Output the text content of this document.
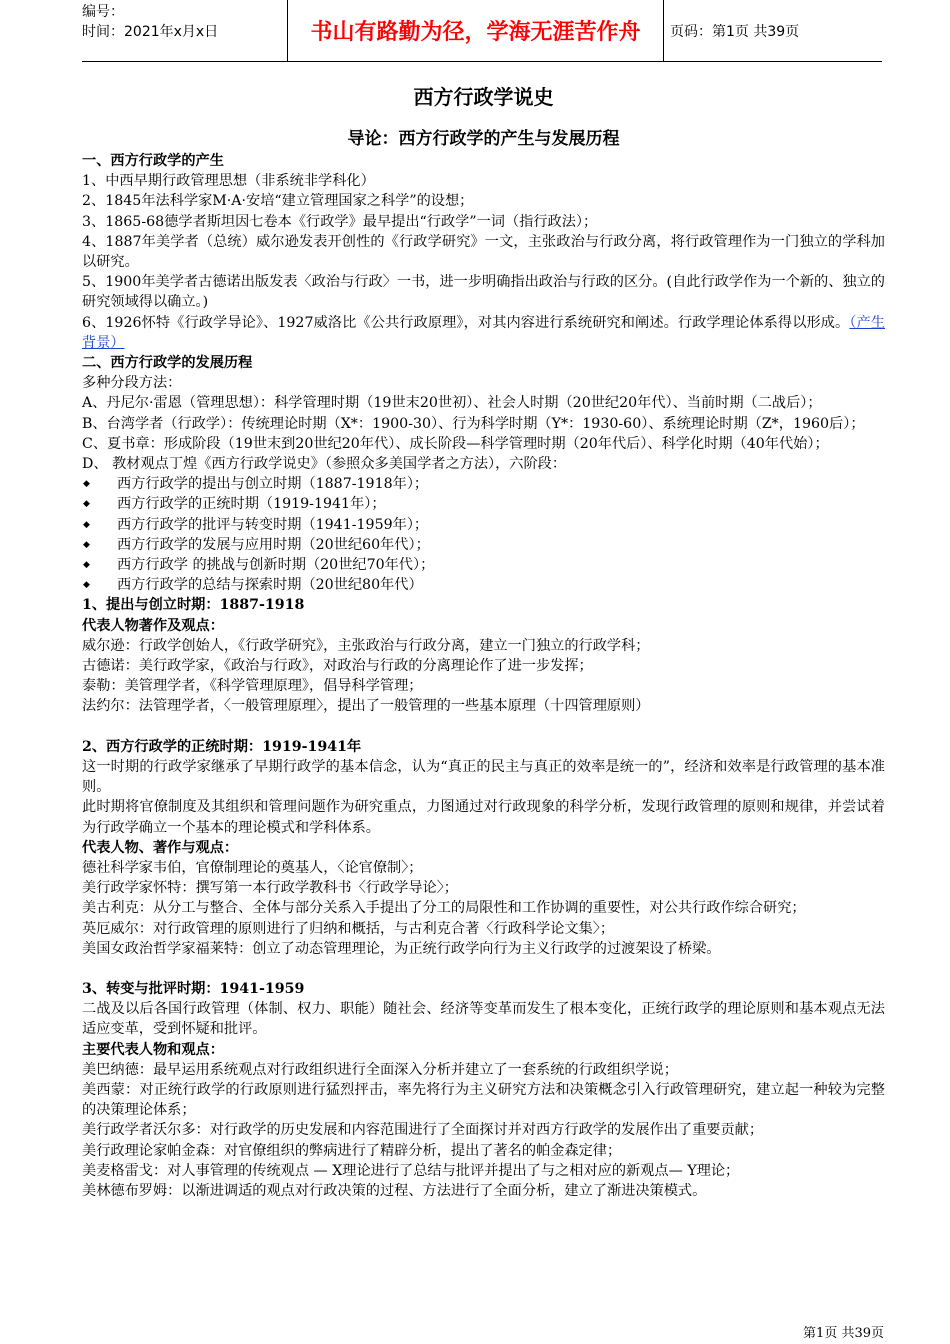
编号：
时间：2021年x月x日	书山有路勤为径，学海无涯苦作舟	页码：第1页 共39页
西方行政学说史
导论：西方行政学的产生与发展历程

一、西方行政学的产生

1、中西早期行政管理思想（非系统非学科化）

2、1845年法科学家M·A·安培“建立管理国家之科学”的设想；

3、1865-68德学者斯坦因七卷本《行政学》最早提出“行政学”一词（指行政法）；

4、1887年美学者（总统）威尔逊发表开创性的《行政学研究》一文，主张政治与行政分离，将行政管理作为一门独立的学科加以研究。

5、1900年美学者古德诺出版发表〈政治与行政〉一书，进一步明确指出政治与行政的区分。(自此行政学作为一个新的、独立的研究领域得以确立。)

6、1926怀特《行政学导论》、1927威洛比《公共行政原理》，对其内容进行系统研究和阐述。行政学理论体系得以形成。（产生背景）

二、西方行政学的发展历程

多种分段方法：

A、丹尼尔·雷恩（管理思想）：科学管理时期（19世末20世初）、社会人时期（20世纪20年代）、当前时期（二战后）；

B、台湾学者（行政学）：传统理论时期（X*：1900-30）、行为科学时期（Y*：1930-60）、系统理论时期（Z*，1960后）；

C、夏书章：形成阶段（19世末到20世纪20年代）、成长阶段—科学管理时期（20年代后）、科学化时期（40年代始）；

D、 教材观点丁煌《西方行政学说史》（参照众多美国学者之方法），六阶段：

◆	西方行政学的提出与创立时期（1887-1918年）；
◆	西方行政学的正统时期（1919-1941年）；
◆	西方行政学的批评与转变时期（1941-1959年）；
◆	西方行政学的发展与应用时期（20世纪60年代）；
◆	西方行政学 的挑战与创新时期（20世纪70年代）；
◆	西方行政学的总结与探索时期（20世纪80年代）

1、提出与创立时期：1887-1918

代表人物著作及观点：

威尔逊：行政学创始人，《行政学研究》，主张政治与行政分离，建立一门独立的行政学科；

古德诺：美行政学家，《政治与行政》，对政治与行政的分离理论作了进一步发挥；

泰勒：美管理学者，《科学管理原理》，倡导科学管理；

法约尔：法管理学者，〈一般管理原理〉，提出了一般管理的一些基本原理（十四管理原则）

2、西方行政学的正统时期：1919-1941年

这一时期的行政学家继承了早期行政学的基本信念，认为“真正的民主与真正的效率是统一的”，经济和效率是行政管理的基本准则。

此时期将官僚制度及其组织和管理问题作为研究重点，力图通过对行政现象的科学分析，发现行政管理的原则和规律，并尝试着为行政学确立一个基本的理论模式和学科体系。

代表人物、著作与观点：

德社科学家韦伯，官僚制理论的奠基人，〈论官僚制〉；

美行政学家怀特：撰写第一本行政学教科书〈行政学导论〉；

美古利克：从分工与整合、全体与部分关系入手提出了分工的局限性和工作协调的重要性，对公共行政作综合研究；

英厄威尔：对行政管理的原则进行了归纳和概括，与古利克合著〈行政科学论文集〉；

美国女政治哲学家福莱特：创立了动态管理理论，为正统行政学向行为主义行政学的过渡架设了桥梁。

3、转变与批评时期：1941-1959

二战及以后各国行政管理（体制、权力、职能）随社会、经济等变革而发生了根本变化，正统行政学的理论原则和基本观点无法适应变革，受到怀疑和批评。

主要代表人物和观点：

美巴纳德：最早运用系统观点对行政组织进行全面深入分析并建立了一套系统的行政组织学说；

美西蒙：对正统行政学的行政原则进行猛烈抨击，率先将行为主义研究方法和决策概念引入行政管理研究，建立起一种较为完整的决策理论体系；

美行政学者沃尔多：对行政学的历史发展和内容范围进行了全面探讨并对西方行政学的发展作出了重要贡献；

美行政理论家帕金森：对官僚组织的弊病进行了精辟分析，提出了著名的帕金森定律；

美麦格雷戈：对人事管理的传统观点 — X理论进行了总结与批评并提出了与之相对应的新观点— Y理论；

美林德布罗姆：以渐进调适的观点对行政决策的过程、方法进行了全面分析，建立了渐进决策模式。

第1页 共39页
